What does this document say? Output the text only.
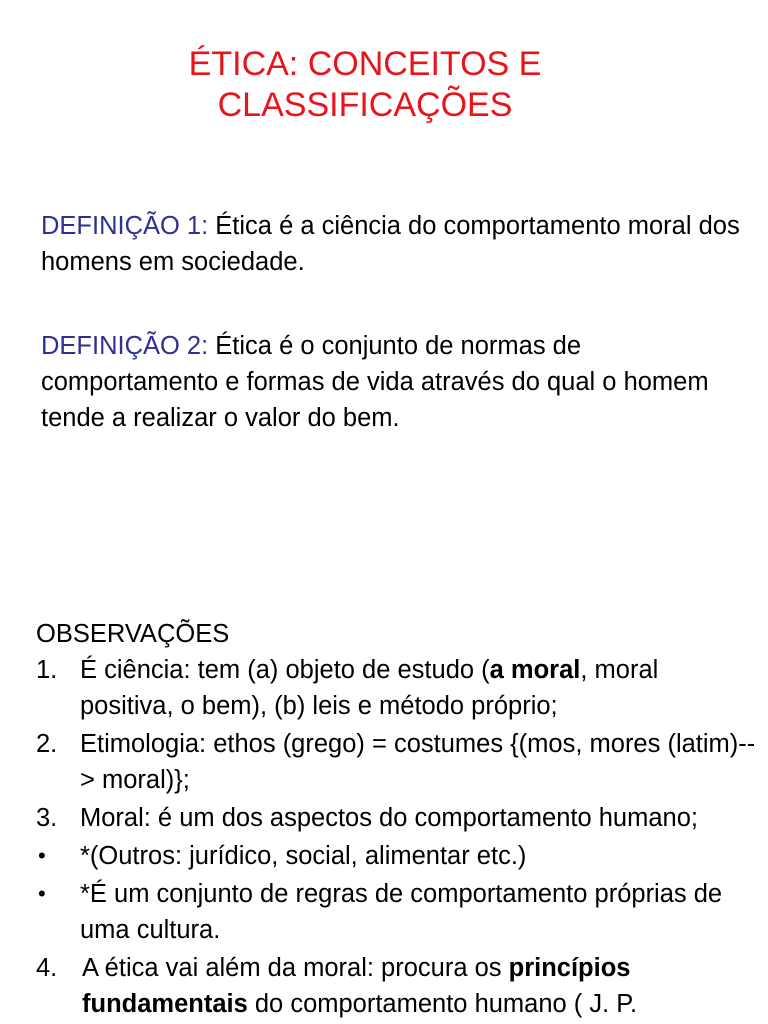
ÉTICA: CONCEITOS E
CLASSIFICAÇÕES
DEFINIÇÃO 1: Ética é a ciência do comportamento moral dos homens em sociedade.
DEFINIÇÃO 2: Ética é o conjunto de normas de comportamento e formas de vida através do qual o homem tende a realizar o valor do bem.
OBSERVAÇÕES
1. É ciência: tem (a) objeto de estudo (a moral, moral positiva, o bem), (b) leis e método próprio;
2. Etimologia: ethos (grego) = costumes {(mos, mores (latim)--> moral)};
3. Moral: é um dos aspectos do comportamento humano;
• *(Outros: jurídico, social, alimentar etc.)
• *É um conjunto de regras de comportamento próprias de uma cultura.
4. A ética vai além da moral: procura os princípios fundamentais do comportamento humano ( J. P.
